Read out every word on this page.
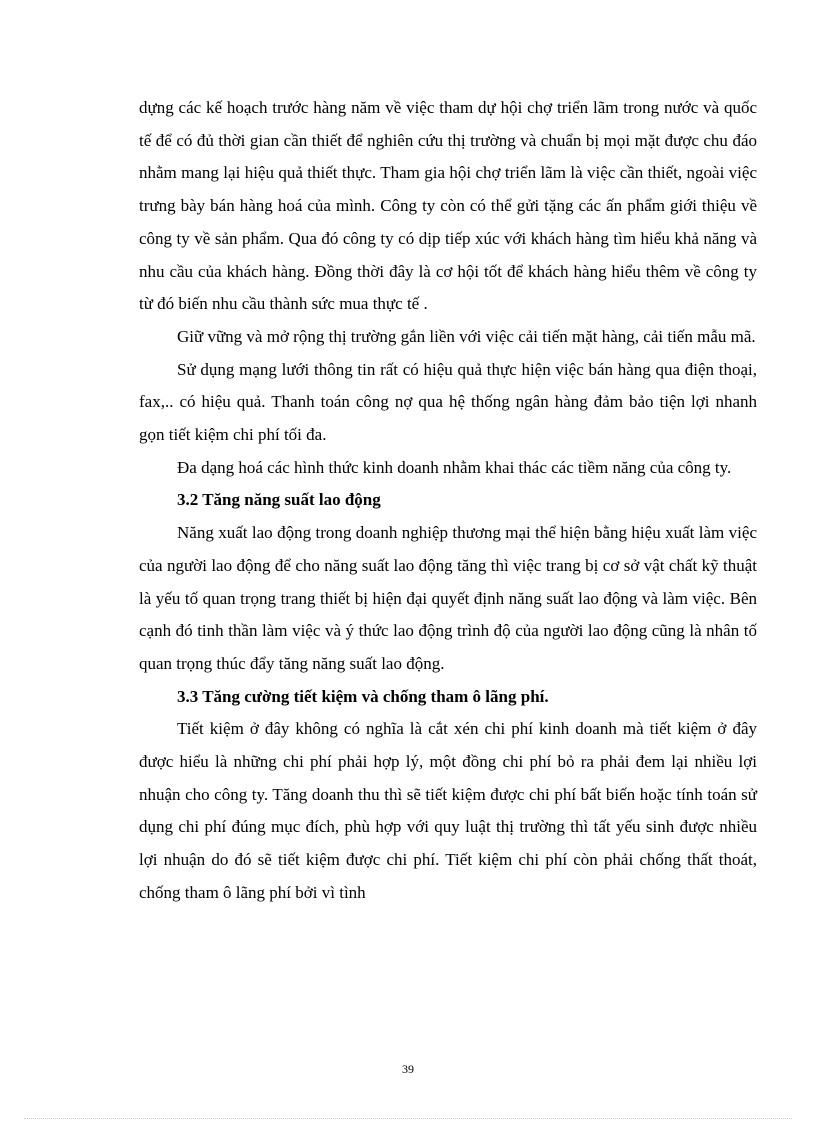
dựng các kế hoạch trước hàng năm về việc tham dự hội chợ triển lãm trong nước và quốc tế để có đủ thời gian cần thiết để nghiên cứu thị trường và chuẩn bị mọi mặt được chu đáo nhằm mang lại hiệu quả thiết thực. Tham gia hội chợ triển lãm là việc cần thiết, ngoài việc trưng bày bán hàng hoá của mình. Công ty còn có thể gửi tặng các ấn phẩm giới thiệu về công ty về sản phẩm. Qua đó công ty có dịp tiếp xúc với khách hàng tìm hiểu khả năng và nhu cầu của khách hàng. Đồng thời đây là cơ hội tốt để khách hàng hiểu thêm về công ty từ đó biến nhu cầu thành sức mua thực tế .

Giữ vững và mở rộng thị trường gắn liền với việc cải tiến mặt hàng, cải tiến mẫu mã.

Sử dụng mạng lưới thông tin rất có hiệu quả thực hiện việc bán hàng qua điện thoại, fax,.. có hiệu quả. Thanh toán công nợ qua hệ thống ngân hàng đảm bảo tiện lợi nhanh gọn tiết kiệm chi phí tối đa.

Đa dạng hoá các hình thức kinh doanh nhằm khai thác các tiềm năng của công ty.

3.2 Tăng năng suất lao động

Năng xuất lao động trong doanh nghiệp thương mại thể hiện bằng hiệu xuất làm việc của người lao động để cho năng suất lao động tăng thì việc trang bị cơ sở vật chất kỹ thuật là yếu tố quan trọng trang thiết bị hiện đại quyết định năng suất lao động và làm việc. Bên cạnh đó tinh thần làm việc và ý thức lao động trình độ của người lao động cũng là nhân tố quan trọng thúc đẩy tăng năng suất lao động.

3.3 Tăng cường tiết kiệm và chống tham ô lãng phí.

Tiết kiệm ở đây không có nghĩa là cắt xén chi phí kinh doanh mà tiết kiệm ở đây được hiểu là những chi phí phải hợp lý, một đồng chi phí bỏ ra phải đem lại nhiều lợi nhuận cho công ty. Tăng doanh thu thì sẽ tiết kiệm được chi phí bất biến hoặc tính toán sử dụng chi phí đúng mục đích, phù hợp với quy luật thị trường thì tất yếu sinh được nhiều lợi nhuận do đó sẽ tiết kiệm được chi phí. Tiết kiệm chi phí còn phải chống thất thoát, chống tham ô lãng phí bởi vì tình

39
